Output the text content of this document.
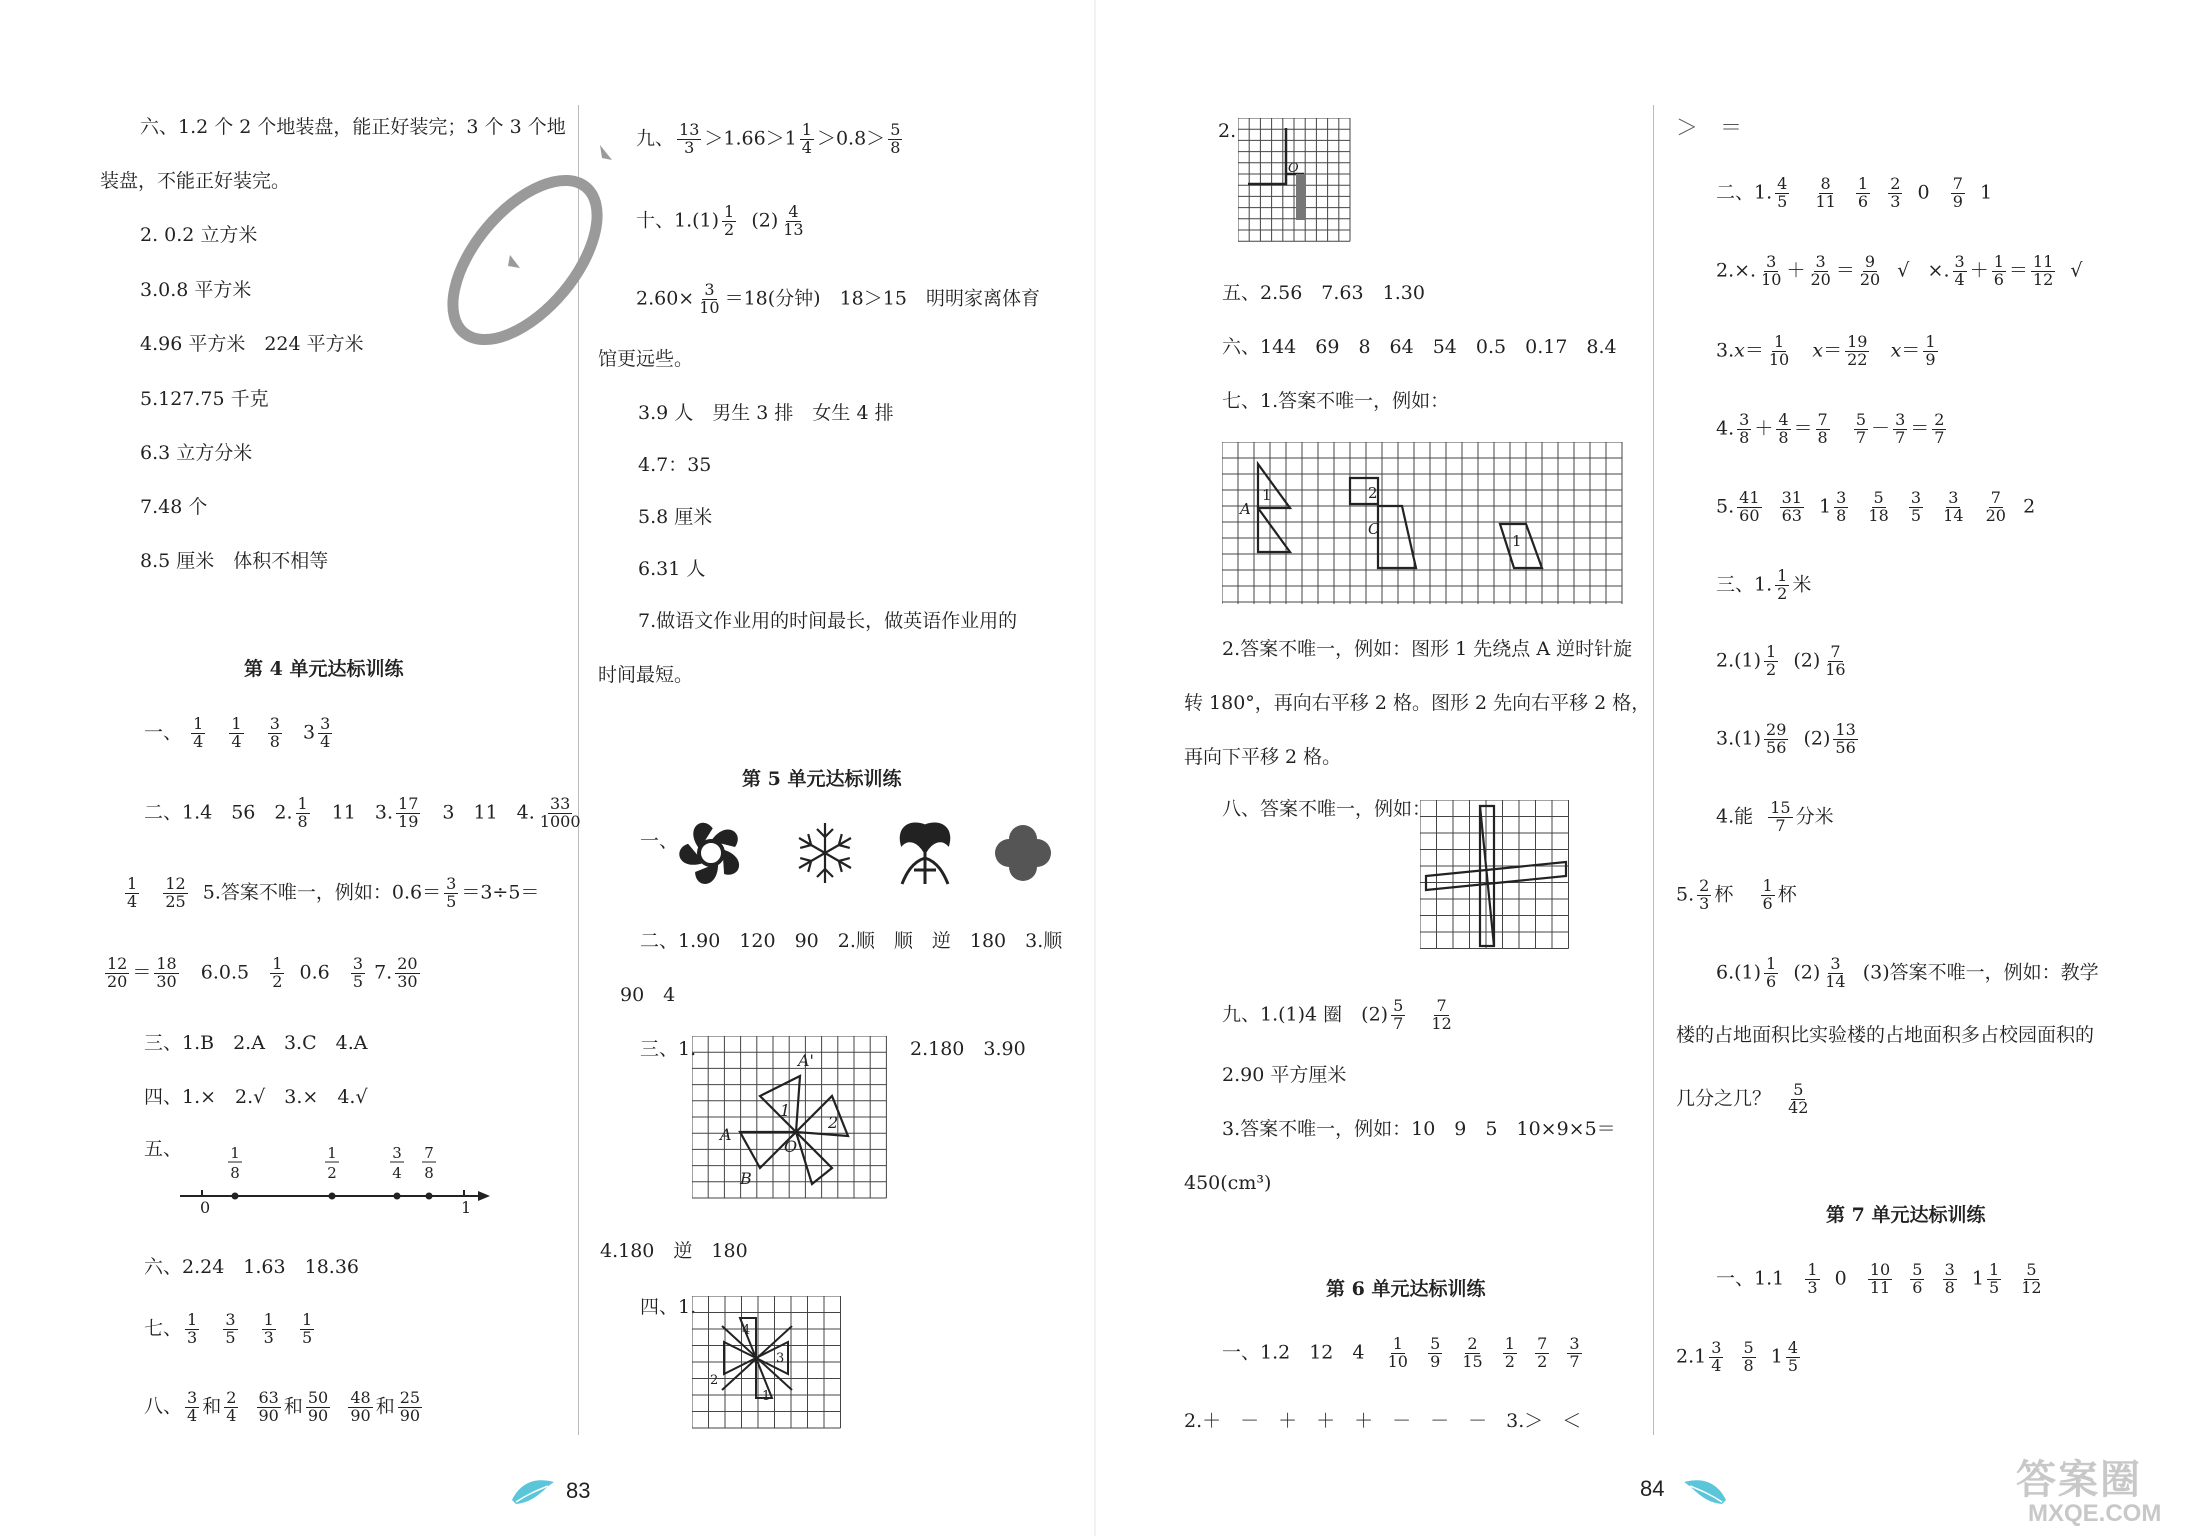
六、1.2 个 2 个地装盘，能正好装完；3 个 3 个地
装盘，不能正好装完。
2. 0.2 立方米
3.0.8 平方米
4.96 平方米　224 平方米
5.127.75 千克
6.3 立方分米
7.48 个
8.5 厘米　体积不相等
第 4 单元达标训练
一、 $\frac{1}{4}$
$\frac{1}{4}$
$\frac{3}{8} 3 \frac{3}{4}$
二、1.4　56　2. $\frac{1}{8}$ 　11　3. $\frac{17}{19}$ 　3　11　4. $\frac{33}{1000}$
$\frac{1}{4}$
$\frac{12}{25} 5$.答案不唯一，例如：$0.6= \frac{3}{5} =3\div 5=$
$\frac{12}{20} = \frac{18}{30}$ 　$6.0.5 \frac{1}{2} 0.6 \frac{3}{5} 7$. $\frac{20}{30}$
三、1.B　2.A　3.C　4.A
四、1.×　2.√　3.×　4.√
五、	1
8
1
2
3
4
7
8
0	1
六、2.24　1.63　18.36
七、 $\frac{1}{3}$
$\frac{3}{5}$
$\frac{1}{3}$
$\frac{1}{5}$
八、 $\frac{3}{4}$ 和 $\frac{2}{4}$
$\frac{63}{90}$ 和 $\frac{50}{90}$
$\frac{48}{90}$ 和 $\frac{25}{90}$
九、 $\frac{13}{3} >1.66>1 \frac{1}{4} >0.8> \frac{5}{8}$
十、$1.(1) \frac{1}{2} (2) \frac{4}{13}$
$2.60\times \frac{3}{10} =18$(分钟)　18＞15　明明家离体育
馆更远些。
3.9 人　男生 3 排　女生 4 排
4.7：35
5.8 厘米
6.31 人
7.做语文作业用的时间最长，做英语作业用的
时间最短。
第 5 单元达标训练
一、
二、1.90　120　90　2.顺　顺　逆　180　3.顺
90　4
三、1.
A'
1
2
A
O
B
2.180　3.90
4.180　逆　180
四、1.
4
3
2
1
2.
O
五、2.56　7.63　1.30
六、144　69　8　64　54　0.5　0.17　8.4
七、1.答案不唯一，例如：
1
A
2
C
1
2.答案不唯一，例如：图形 1 先绕点 A 逆时针旋
转 180°，再向右平移 2 格。图形 2 先向右平移 2 格，
再向下平移 2 格。
八、答案不唯一，例如：
九、1.(1)4 圈　$(2) \frac{5}{7}$
$\frac{7}{12}$
2.90 平方厘米
3.答案不唯一，例如：10　9　5　10×9×5＝
450(cm³)
第 6 单元达标训练
一、1.2　12　$4 \frac{1}{10}$
$\frac{5}{9}$
$\frac{2}{15}$
$\frac{1}{2}$
$\frac{7}{2}$
$\frac{3}{7}$
2.＋　－　＋　＋　＋　－　－　－　3.＞　＜
＞　＝
二、1. $\frac{4}{5}$
$\frac{8}{11}$
$\frac{1}{6}$
$\frac{2}{3} 0 \frac{7}{9} 1$
2.×. $\frac{3}{10} + \frac{3}{20} = \frac{9}{20}$ √ ×. $\frac{3}{4} + \frac{1}{6} = \frac{11}{12}$ √
$3.x= \frac{1}{10} x= \frac{19}{22} x= \frac{1}{9}$
4. $\frac{3}{8} + \frac{4}{8} = \frac{7}{8}$
$\frac{5}{7} - \frac{3}{7} = \frac{2}{7}$
5. $\frac{41}{60}$
$\frac{31}{63} 1 \frac{3}{8}$
$\frac{5}{18}$
$\frac{3}{5}$
$\frac{3}{14}$
$\frac{7}{20} 2$
三、1. $\frac{1}{2}$ 米
$2.(1) \frac{1}{2} (2) \frac{7}{16}$
$3.(1) \frac{29}{56} (2) \frac{13}{56}$
4.能 $\frac{15}{7}$ 分米
5. $\frac{2}{3}$ 杯 $\frac{1}{6}$ 杯
$6.(1) \frac{1}{6} (2) \frac{3}{14} (3)$答案不唯一，例如：教学
楼的占地面积比实验楼的占地面积多占校园面积的
几分之几？ $\frac{5}{42}$
第 7 单元达标训练
一、$1.1 \frac{1}{3} 0 \frac{10}{11}$
$\frac{5}{6}$
$\frac{3}{8} 1 \frac{1}{5}$
$\frac{5}{12}$
$2.1 \frac{3}{4}$
$\frac{5}{8} 1 \frac{4}{5}$
83	84	答案圈
MXQE.COM
